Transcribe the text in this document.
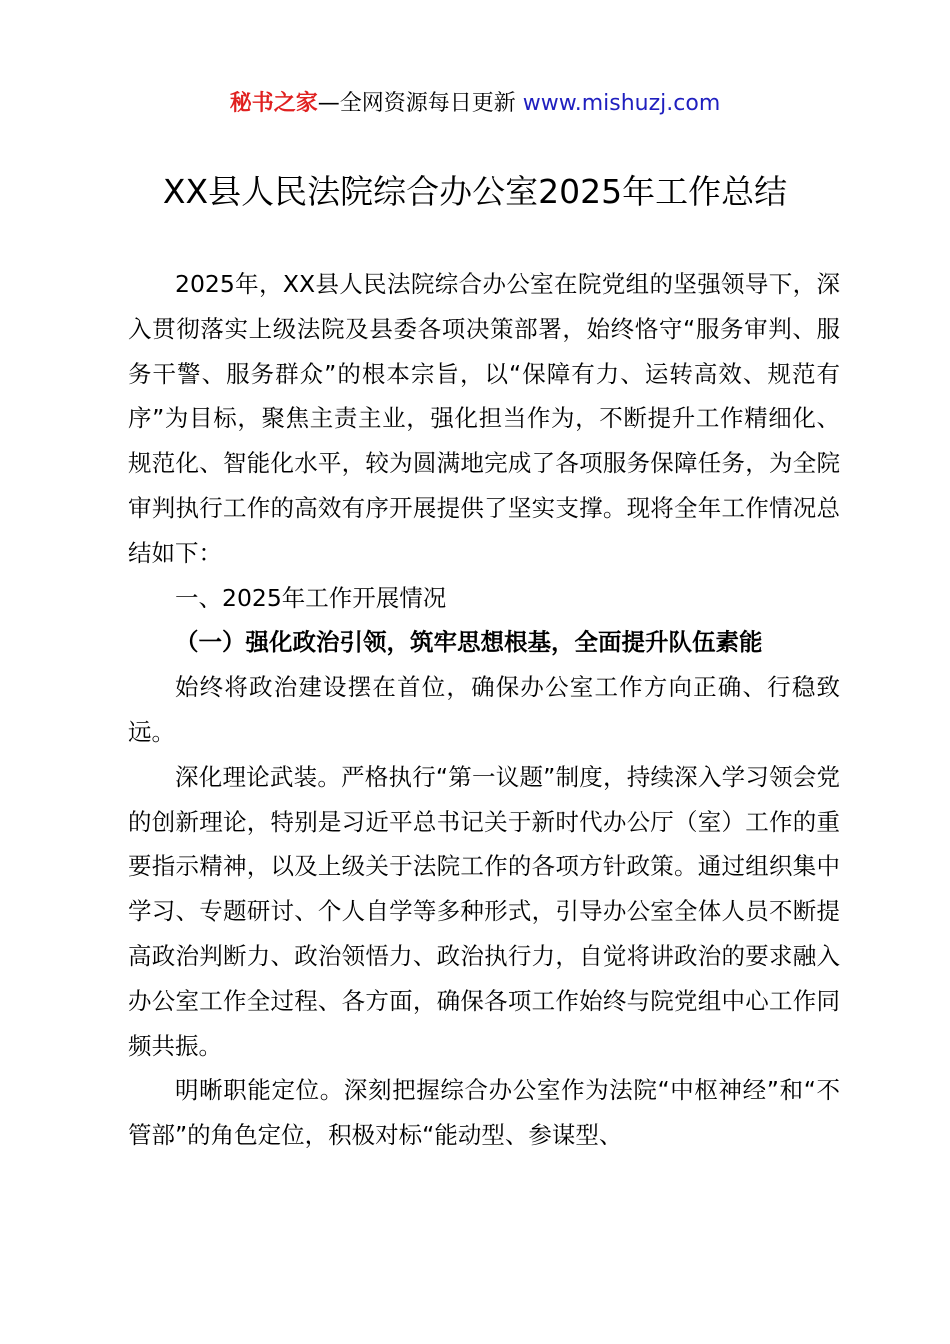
秘书之家—全网资源每日更新 www.mishuzj.com
XX县人民法院综合办公室2025年工作总结

2025年，XX县人民法院综合办公室在院党组的坚强领导下，深入贯彻落实上级法院及县委各项决策部署，始终恪守“服务审判、服务干警、服务群众”的根本宗旨，以“保障有力、运转高效、规范有序”为目标，聚焦主责主业，强化担当作为，不断提升工作精细化、规范化、智能化水平，较为圆满地完成了各项服务保障任务，为全院审判执行工作的高效有序开展提供了坚实支撑。现将全年工作情况总结如下：

一、2025年工作开展情况

（一）强化政治引领，筑牢思想根基，全面提升队伍素能

始终将政治建设摆在首位，确保办公室工作方向正确、行稳致远。

深化理论武装。严格执行“第一议题”制度，持续深入学习领会党的创新理论，特别是习近平总书记关于新时代办公厅（室）工作的重要指示精神，以及上级关于法院工作的各项方针政策。通过组织集中学习、专题研讨、个人自学等多种形式，引导办公室全体人员不断提高政治判断力、政治领悟力、政治执行力，自觉将讲政治的要求融入办公室工作全过程、各方面，确保各项工作始终与院党组中心工作同频共振。

明晰职能定位。深刻把握综合办公室作为法院“中枢神经”和“不管部”的角色定位，积极对标“能动型、参谋型、
